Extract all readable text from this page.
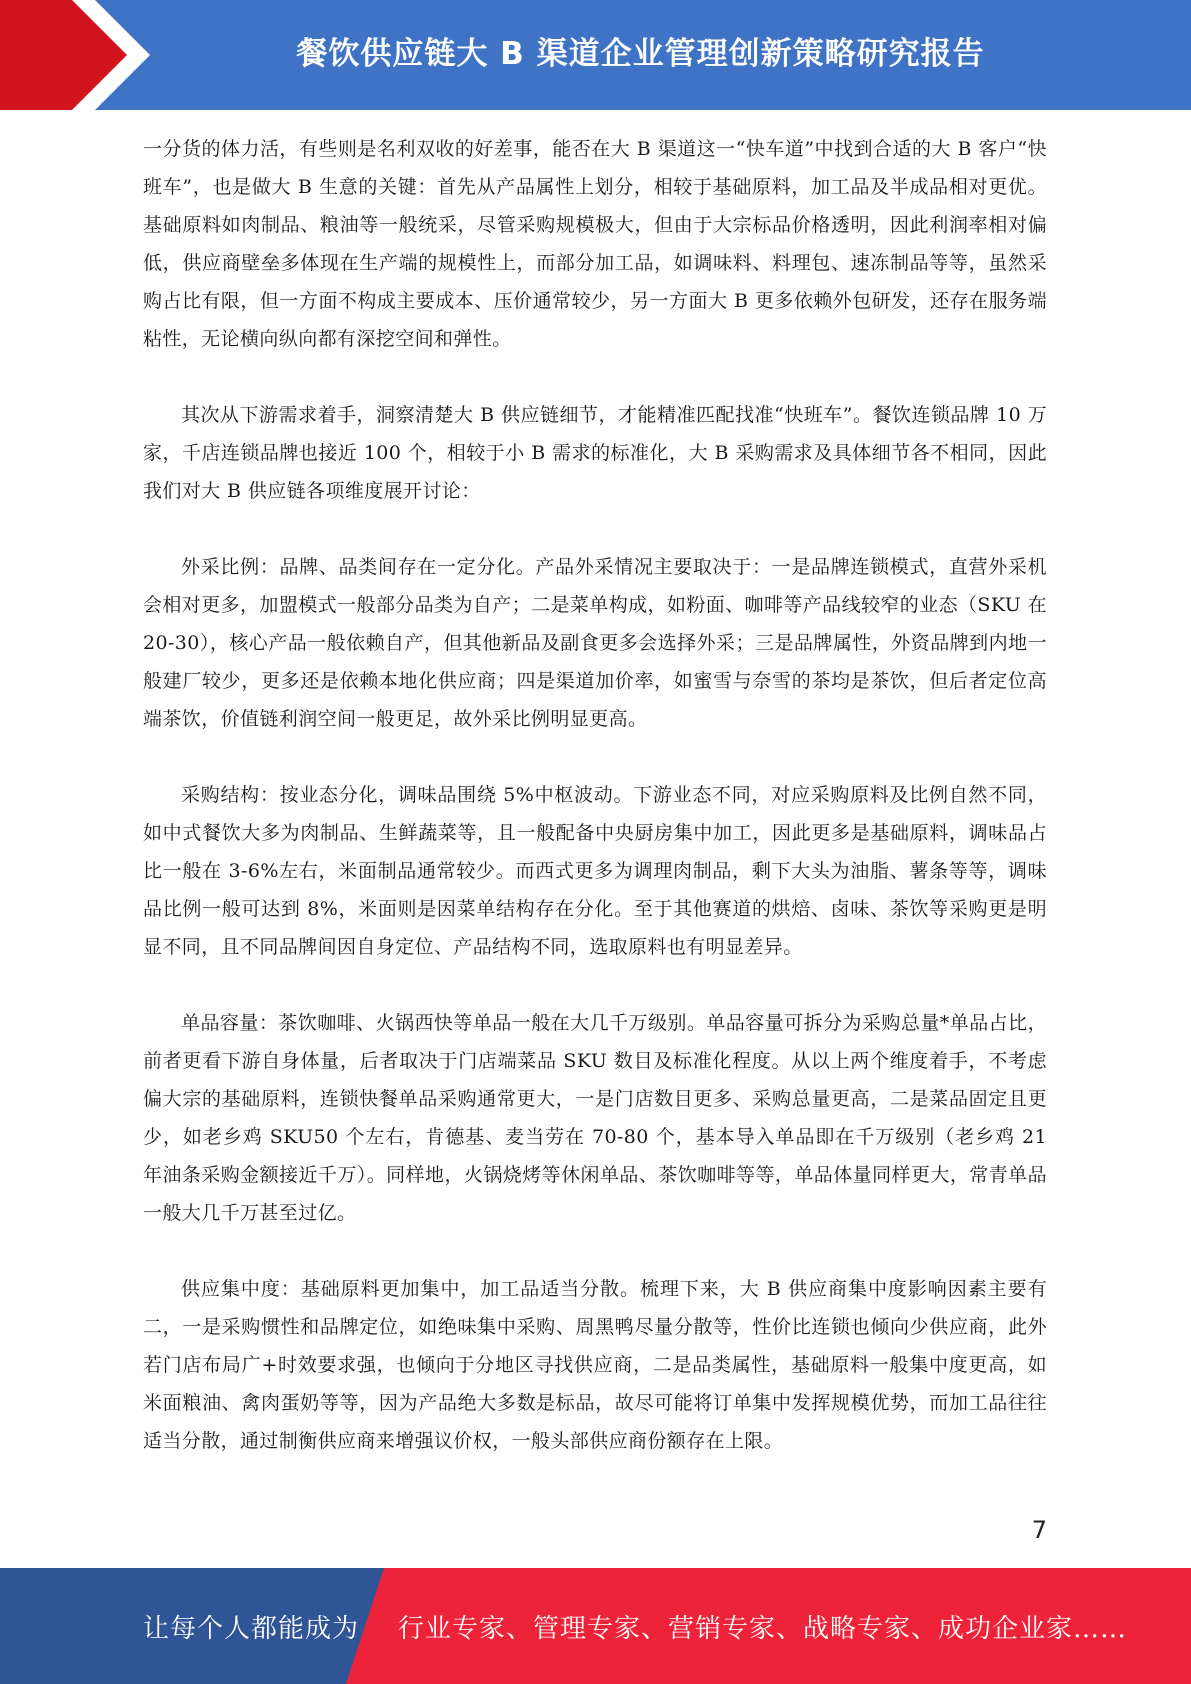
餐饮供应链大 B 渠道企业管理创新策略研究报告

一分货的体力活，有些则是名利双收的好差事，能否在大 B 渠道这一“快车道”中找到合适的大 B 客户“快班车”，也是做大 B 生意的关键：首先从产品属性上划分，相较于基础原料，加工品及半成品相对更优。基础原料如肉制品、粮油等一般统采，尽管采购规模极大，但由于大宗标品价格透明，因此利润率相对偏低，供应商壁垒多体现在生产端的规模性上，而部分加工品，如调味料、料理包、速冻制品等等，虽然采购占比有限，但一方面不构成主要成本、压价通常较少，另一方面大 B 更多依赖外包研发，还存在服务端粘性，无论横向纵向都有深挖空间和弹性。

其次从下游需求着手，洞察清楚大 B 供应链细节，才能精准匹配找准“快班车”。餐饮连锁品牌 10 万家，千店连锁品牌也接近 100 个，相较于小 B 需求的标准化，大 B 采购需求及具体细节各不相同，因此我们对大 B 供应链各项维度展开讨论：

外采比例：品牌、品类间存在一定分化。产品外采情况主要取决于：一是品牌连锁模式，直营外采机会相对更多，加盟模式一般部分品类为自产；二是菜单构成，如粉面、咖啡等产品线较窄的业态（SKU 在 20-30），核心产品一般依赖自产，但其他新品及副食更多会选择外采；三是品牌属性，外资品牌到内地一般建厂较少，更多还是依赖本地化供应商；四是渠道加价率，如蜜雪与奈雪的茶均是茶饮，但后者定位高端茶饮，价值链利润空间一般更足，故外采比例明显更高。

采购结构：按业态分化，调味品围绕 5%中枢波动。下游业态不同，对应采购原料及比例自然不同，如中式餐饮大多为肉制品、生鲜蔬菜等，且一般配备中央厨房集中加工，因此更多是基础原料，调味品占比一般在 3-6%左右，米面制品通常较少。而西式更多为调理肉制品，剩下大头为油脂、薯条等等，调味品比例一般可达到 8%，米面则是因菜单结构存在分化。至于其他赛道的烘焙、卤味、茶饮等采购更是明显不同，且不同品牌间因自身定位、产品结构不同，选取原料也有明显差异。

单品容量：茶饮咖啡、火锅西快等单品一般在大几千万级别。单品容量可拆分为采购总量*单品占比，前者更看下游自身体量，后者取决于门店端菜品 SKU 数目及标准化程度。从以上两个维度着手，不考虑偏大宗的基础原料，连锁快餐单品采购通常更大，一是门店数目更多、采购总量更高，二是菜品固定且更少，如老乡鸡 SKU50 个左右，肯德基、麦当劳在 70-80 个，基本导入单品即在千万级别（老乡鸡 21 年油条采购金额接近千万）。同样地，火锅烧烤等休闲单品、茶饮咖啡等等，单品体量同样更大，常青单品一般大几千万甚至过亿。

供应集中度：基础原料更加集中，加工品适当分散。梳理下来，大 B 供应商集中度影响因素主要有二，一是采购惯性和品牌定位，如绝味集中采购、周黑鸭尽量分散等，性价比连锁也倾向少供应商，此外若门店布局广+时效要求强，也倾向于分地区寻找供应商，二是品类属性，基础原料一般集中度更高，如米面粮油、禽肉蛋奶等等，因为产品绝大多数是标品，故尽可能将订单集中发挥规模优势，而加工品往往适当分散，通过制衡供应商来增强议价权，一般头部供应商份额存在上限。

7
让每个人都能成为 行业专家、管理专家、营销专家、战略专家、成功企业家……
